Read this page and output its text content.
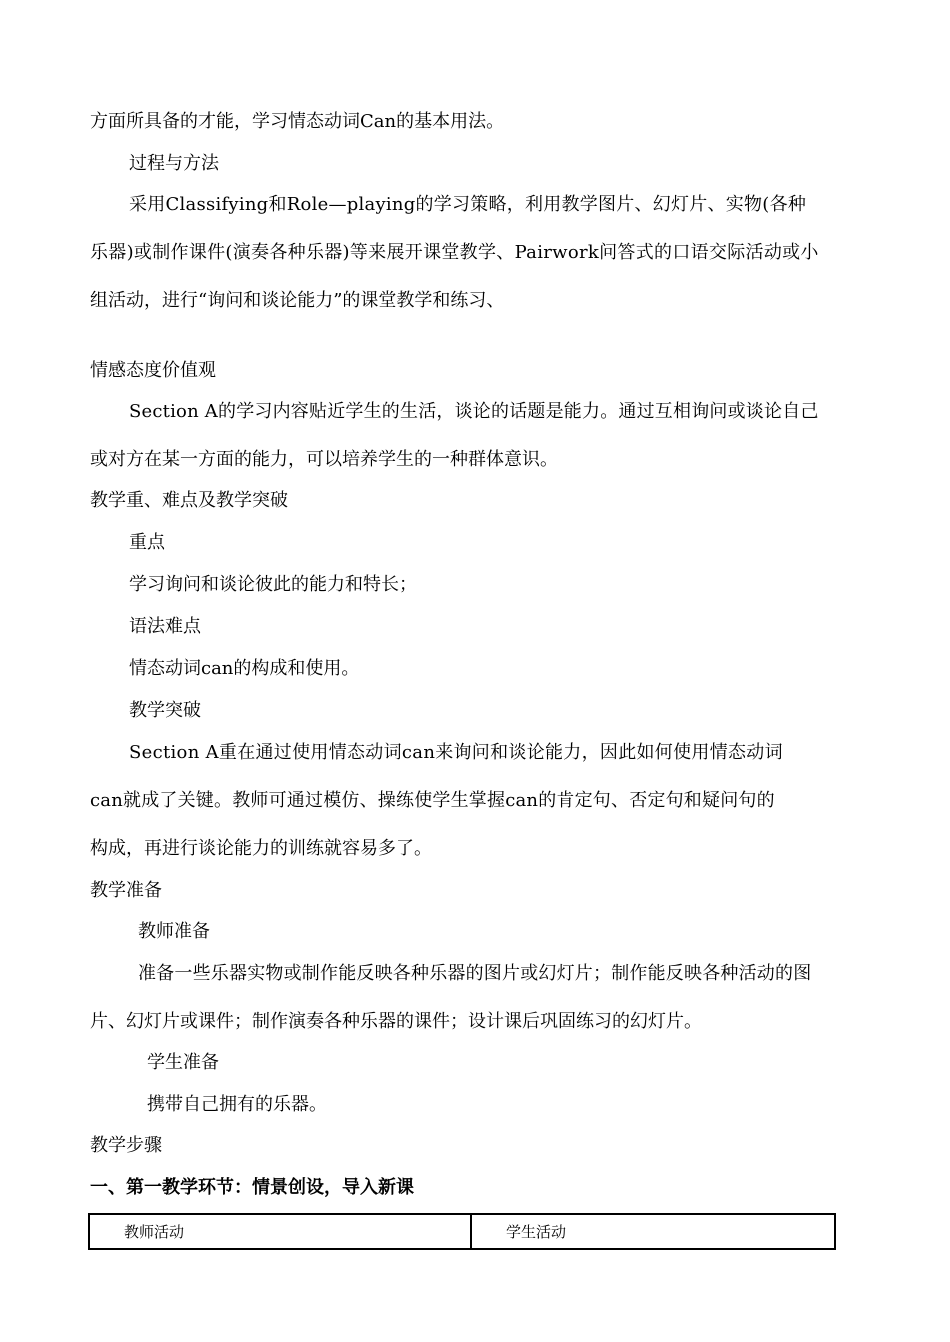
方面所具备的才能，学习情态动词Can的基本用法。
过程与方法
采用Classifying和Role—playing的学习策略，利用教学图片、幻灯片、实物(各种
乐器)或制作课件(演奏各种乐器)等来展开课堂教学、Pairwork问答式的口语交际活动或小
组活动，进行“询问和谈论能力”的课堂教学和练习、
情感态度价值观
Section A的学习内容贴近学生的生活，谈论的话题是能力。通过互相询问或谈论自己
或对方在某一方面的能力，可以培养学生的一种群体意识。
教学重、难点及教学突破
重点
学习询问和谈论彼此的能力和特长；
语法难点
情态动词can的构成和使用。
教学突破
Section A重在通过使用情态动词can来询问和谈论能力，因此如何使用情态动词
can就成了关键。教师可通过模仿、操练使学生掌握can的肯定句、否定句和疑问句的
构成，再进行谈论能力的训练就容易多了。
教学准备
教师准备
准备一些乐器实物或制作能反映各种乐器的图片或幻灯片；制作能反映各种活动的图
片、幻灯片或课件；制作演奏各种乐器的课件；设计课后巩固练习的幻灯片。
学生准备
携带自己拥有的乐器。
教学步骤
一、第一教学环节：情景创设，导入新课
教师活动	学生活动
